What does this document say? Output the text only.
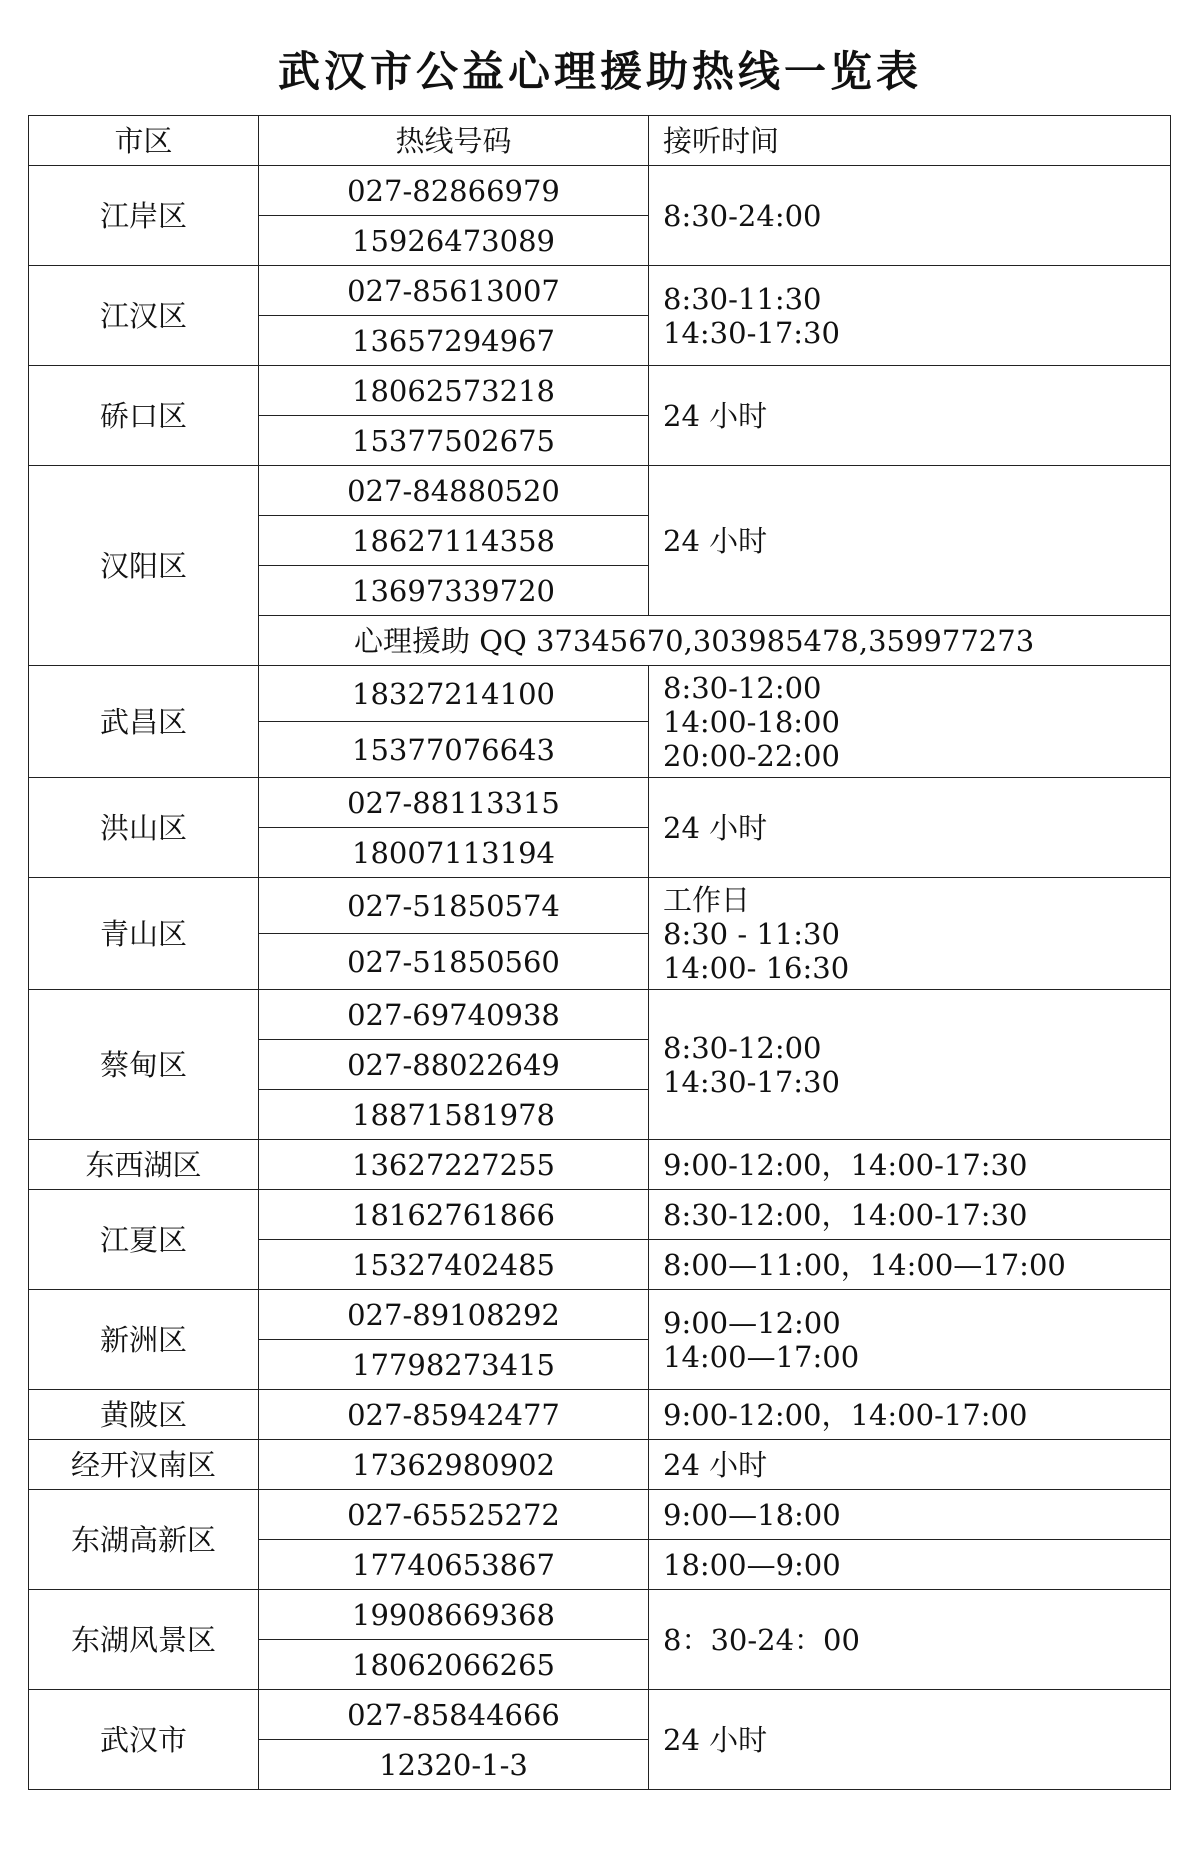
武汉市公益心理援助热线一览表
市区	热线号码	接听时间
江岸区	027-82866979	8:30-24:00

	15926473089	
江汉区	027-85613007	8:30-11:30
14:30-17:30

	13657294967	
硚口区	18062573218	24 小时

	15377502675	
汉阳区	027-84880520	24 小时

	18627114358	
	13697339720	
	心理援助 QQ 37345670,303985478,359977273	
武昌区	18327214100	8:30-12:00
14:00-18:00
20:00-22:00

	15377076643	
洪山区	027-88113315	24 小时

	18007113194	
青山区	027-51850574	工作日
8:30 - 11:30
14:00- 16:30

	027-51850560	
蔡甸区	027-69740938	8:30-12:00
14:30-17:30

	027-88022649	
	18871581978	
东西湖区	13627227255	9:00-12:00，14:00-17:30
江夏区	18162761866	8:30-12:00，14:00-17:30
	15327402485	8:00—11:00，14:00—17:00
新洲区	027-89108292	9:00—12:00
14:00—17:00

	17798273415	
黄陂区	027-85942477	9:00-12:00，14:00-17:00
经开汉南区	17362980902	24 小时
东湖高新区	027-65525272	9:00—18:00
	17740653867	18:00—9:00
东湖风景区	19908669368	8：30-24：00

	18062066265	
武汉市	027-85844666	24 小时

	12320-1-3	
